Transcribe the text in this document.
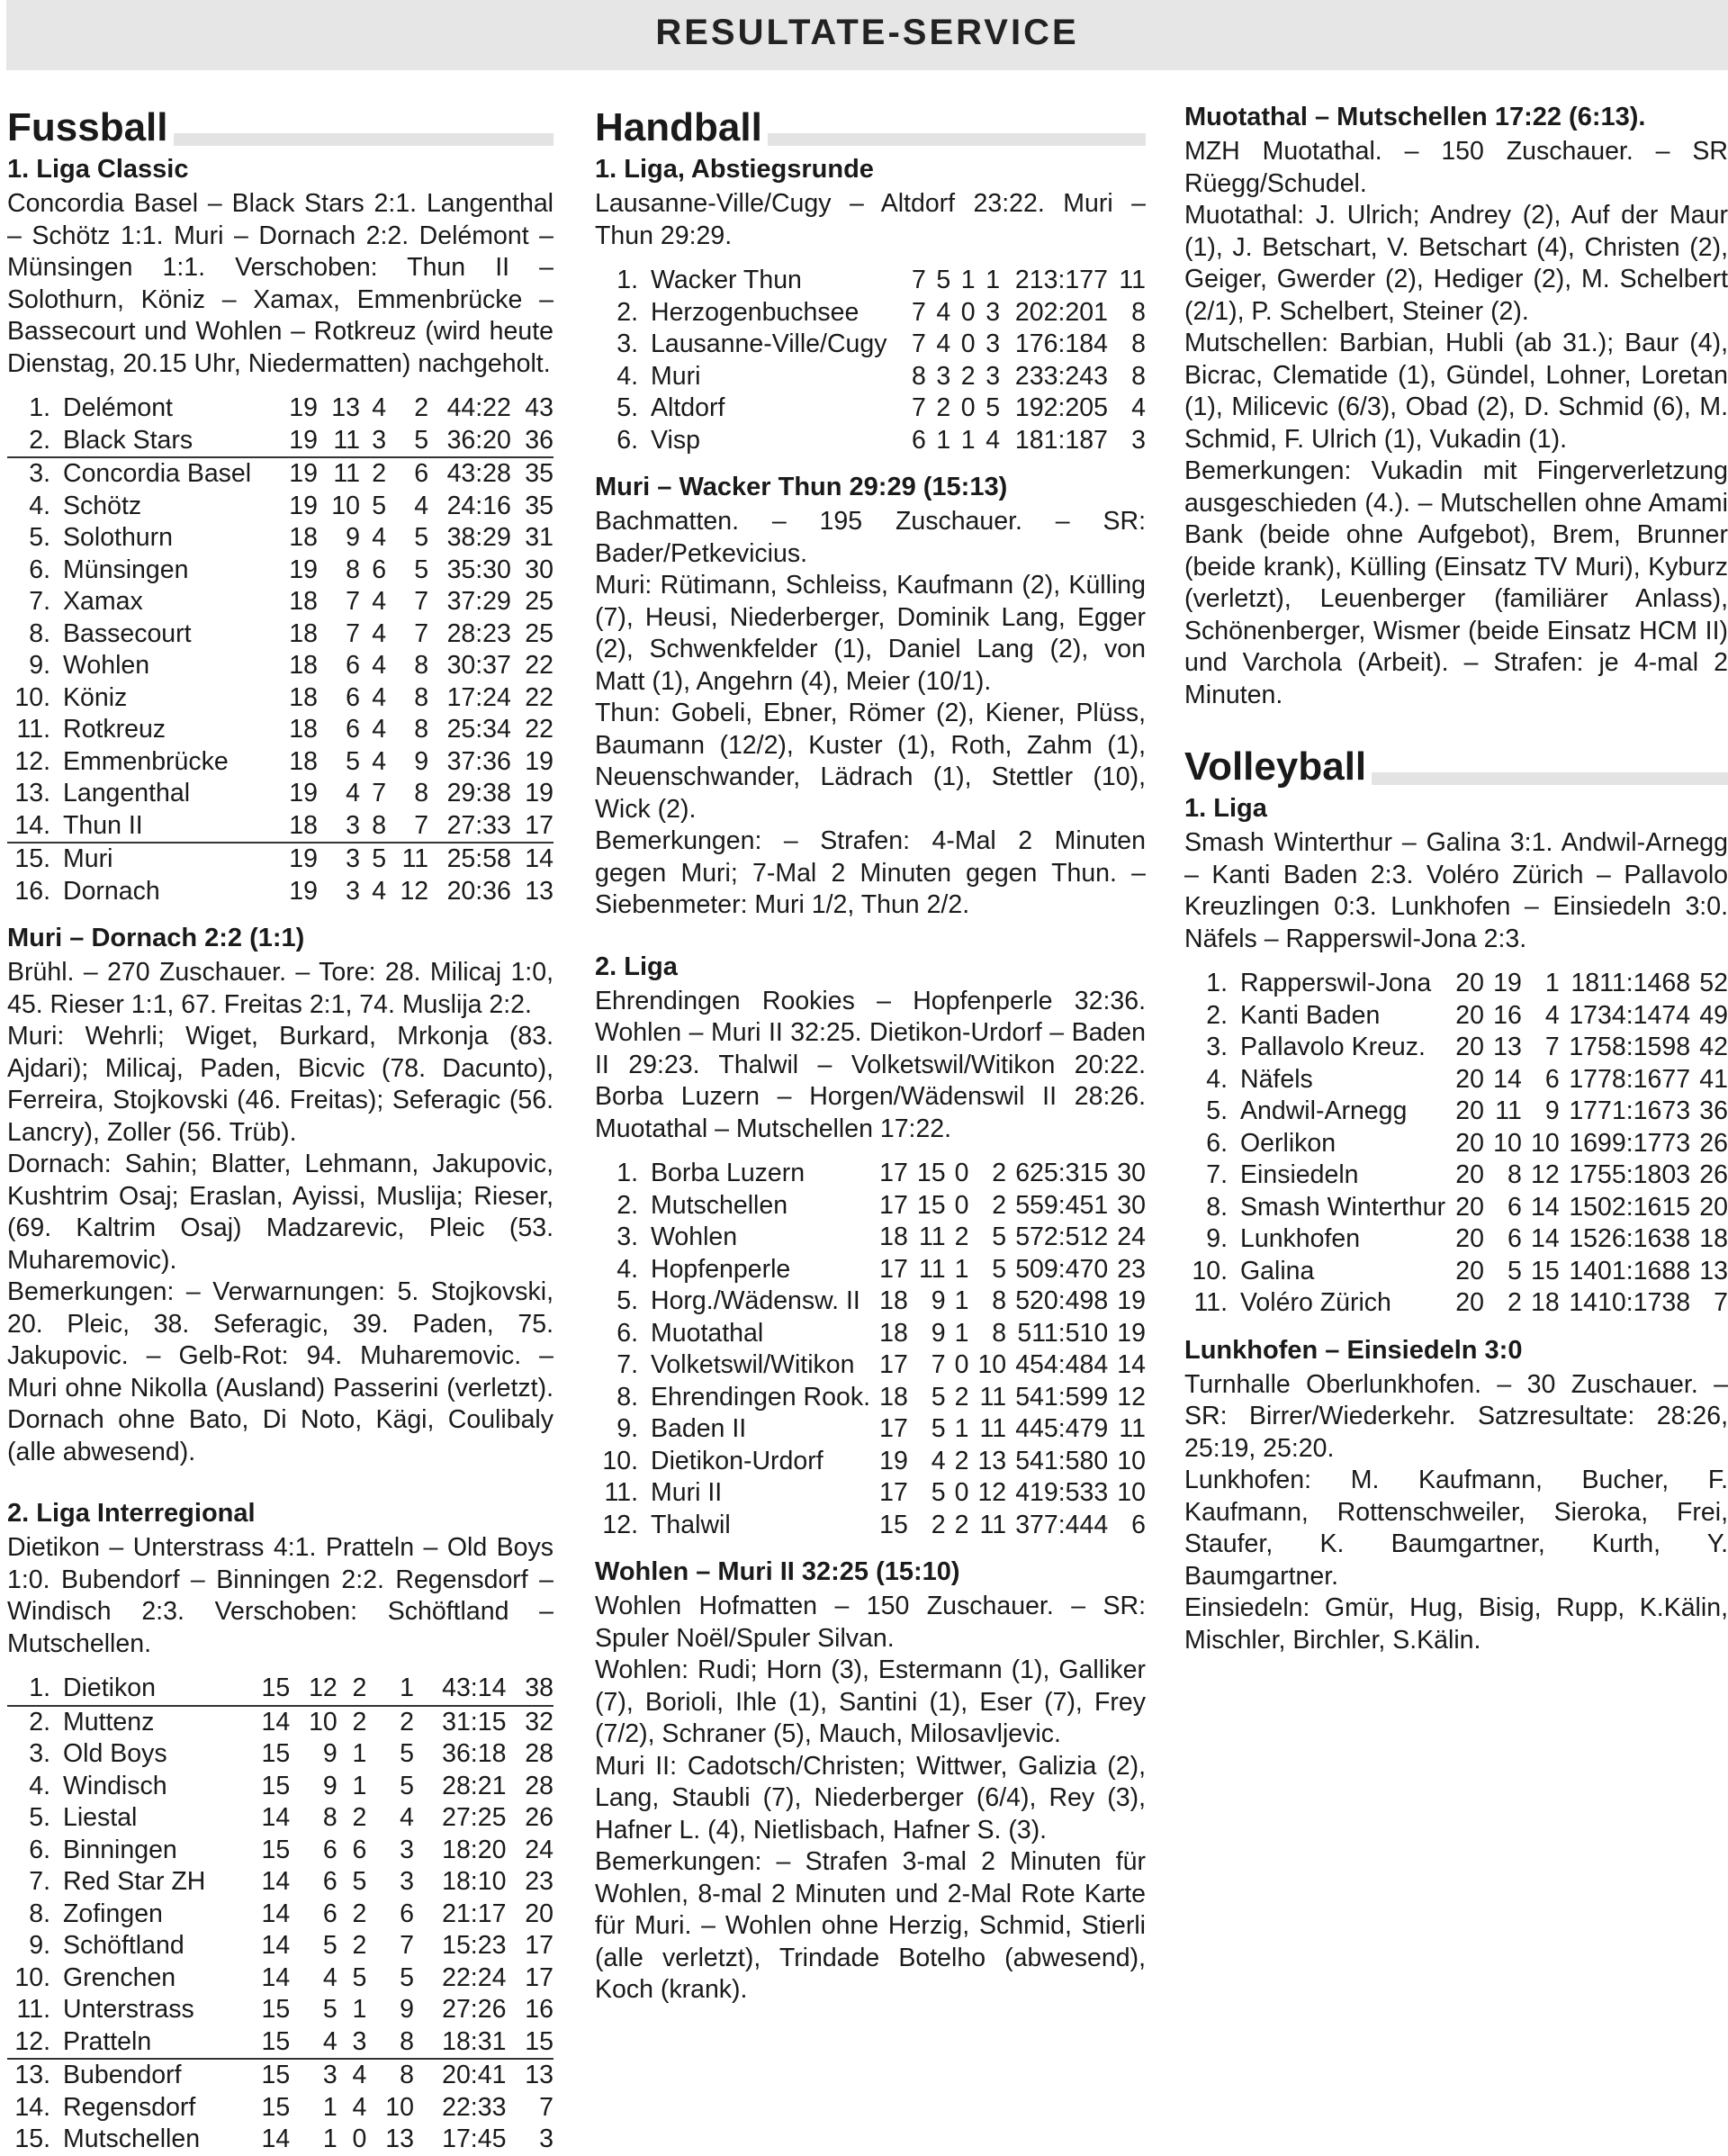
RESULTATE-SERVICE
Fussball
1. Liga Classic

Concordia Basel – Black Stars 2:1. Langenthal – Schötz 1:1. Muri – Dornach 2:2. Delémont – Münsingen 1:1. Verschoben: Thun II – Solothurn, Köniz – Xamax, Emmenbrücke – Bassecourt und Wohlen – Rotkreuz (wird heute Dienstag, 20.15 Uhr, Niedermatten) nachgeholt.

1.	Delémont	19	13	4	2	44:22	43
2.	Black Stars	19	11	3	5	36:20	36
3.	Concordia Basel	19	11	2	6	43:28	35
4.	Schötz	19	10	5	4	24:16	35
5.	Solothurn	18	9	4	5	38:29	31
6.	Münsingen	19	8	6	5	35:30	30
7.	Xamax	18	7	4	7	37:29	25
8.	Bassecourt	18	7	4	7	28:23	25
9.	Wohlen	18	6	4	8	30:37	22
10.	Köniz	18	6	4	8	17:24	22
11.	Rotkreuz	18	6	4	8	25:34	22
12.	Emmenbrücke	18	5	4	9	37:36	19
13.	Langenthal	19	4	7	8	29:38	19
14.	Thun II	18	3	8	7	27:33	17
15.	Muri	19	3	5	11	25:58	14
16.	Dornach	19	3	4	12	20:36	13
Muri – Dornach 2:2 (1:1)

Brühl. – 270 Zuschauer. – Tore: 28. Milicaj 1:0, 45. Rieser 1:1, 67. Freitas 2:1, 74. Muslija 2:2.

Muri: Wehrli; Wiget, Burkard, Mrkonja (83. Ajdari); Milicaj, Paden, Bicvic (78. Dacunto), Ferreira, Stojkovski (46. Freitas); Seferagic (56. Lancry), Zoller (56. Trüb).

Dornach: Sahin; Blatter, Lehmann, Jakupovic, Kushtrim Osaj; Eraslan, Ayissi, Muslija; Rieser, (69. Kaltrim Osaj) Madzarevic, Pleic (53. Muharemovic).

Bemerkungen: – Verwarnungen: 5. Stojkovski, 20. Pleic, 38. Seferagic, 39. Paden, 75. Jakupovic. – Gelb-Rot: 94. Muharemovic. – Muri ohne Nikolla (Ausland) Passerini (verletzt). Dornach ohne Bato, Di Noto, Kägi, Coulibaly (alle abwesend).

2. Liga Interregional

Dietikon – Unterstrass 4:1. Pratteln – Old Boys 1:0. Bubendorf – Binningen 2:2. Regensdorf – Windisch 2:3. Verschoben: Schöftland – Mutschellen.

1.	Dietikon	15	12	2	1	43:14	38
2.	Muttenz	14	10	2	2	31:15	32
3.	Old Boys	15	9	1	5	36:18	28
4.	Windisch	15	9	1	5	28:21	28
5.	Liestal	14	8	2	4	27:25	26
6.	Binningen	15	6	6	3	18:20	24
7.	Red Star ZH	14	6	5	3	18:10	23
8.	Zofingen	14	6	2	6	21:17	20
9.	Schöftland	14	5	2	7	15:23	17
10.	Grenchen	14	4	5	5	22:24	17
11.	Unterstrass	15	5	1	9	27:26	16
12.	Pratteln	15	4	3	8	18:31	15
13.	Bubendorf	15	3	4	8	20:41	13
14.	Regensdorf	15	1	4	10	22:33	7
15.	Mutschellen	14	1	0	13	17:45	3
Handball
1. Liga, Abstiegsrunde

Lausanne-Ville/Cugy – Altdorf 23:22. Muri – Thun 29:29.

1.	Wacker Thun	7	5	1	1	213:177	11
2.	Herzogenbuchsee	7	4	0	3	202:201	8
3.	Lausanne-Ville/Cugy	7	4	0	3	176:184	8
4.	Muri	8	3	2	3	233:243	8
5.	Altdorf	7	2	0	5	192:205	4
6.	Visp	6	1	1	4	181:187	3
Muri – Wacker Thun 29:29 (15:13)

Bachmatten. – 195 Zuschauer. – SR: Bader/Petkevicius.

Muri: Rütimann, Schleiss, Kaufmann (2), Külling (7), Heusi, Niederberger, Dominik Lang, Egger (2), Schwenkfelder (1), Daniel Lang (2), von Matt (1), Angehrn (4), Meier (10/1).

Thun: Gobeli, Ebner, Römer (2), Kiener, Plüss, Baumann (12/2), Kuster (1), Roth, Zahm (1), Neuenschwander, Lädrach (1), Stettler (10), Wick (2).

Bemerkungen: – Strafen: 4-Mal 2 Minuten gegen Muri; 7-Mal 2 Minuten gegen Thun. – Siebenmeter: Muri 1/2, Thun 2/2.

2. Liga

Ehrendingen Rookies – Hopfenperle 32:36. Wohlen – Muri II 32:25. Dietikon-Urdorf – Baden II 29:23. Thalwil – Volketswil/Witikon 20:22. Borba Luzern – Horgen/Wädenswil II 28:26. Muotathal – Mutschellen 17:22.

1.	Borba Luzern	17	15	0	2	625:315	30
2.	Mutschellen	17	15	0	2	559:451	30
3.	Wohlen	18	11	2	5	572:512	24
4.	Hopfenperle	17	11	1	5	509:470	23
5.	Horg./Wädensw. II	18	9	1	8	520:498	19
6.	Muotathal	18	9	1	8	511:510	19
7.	Volketswil/Witikon	17	7	0	10	454:484	14
8.	Ehrendingen Rook.	18	5	2	11	541:599	12
9.	Baden II	17	5	1	11	445:479	11
10.	Dietikon-Urdorf	19	4	2	13	541:580	10
11.	Muri II	17	5	0	12	419:533	10
12.	Thalwil	15	2	2	11	377:444	6
Wohlen – Muri II 32:25 (15:10)

Wohlen Hofmatten – 150 Zuschauer. – SR: Spuler Noël/Spuler Silvan.

Wohlen: Rudi; Horn (3), Estermann (1), Galliker (7), Borioli, Ihle (1), Santini (1), Eser (7), Frey (7/2), Schraner (5), Mauch, Milosavljevic.

Muri II: Cadotsch/Christen; Wittwer, Galizia (2), Lang, Staubli (7), Niederberger (6/4), Rey (3), Hafner L. (4), Nietlisbach, Hafner S. (3).

Bemerkungen: – Strafen 3-mal 2 Minuten für Wohlen, 8-mal 2 Minuten und 2-Mal Rote Karte für Muri. – Wohlen ohne Herzig, Schmid, Stierli (alle verletzt), Trindade Botelho (abwesend), Koch (krank).

Muotathal – Mutschellen 17:22 (6:13).

MZH Muotathal. – 150 Zuschauer. – SR Rüegg/Schudel.

Muotathal: J. Ulrich; Andrey (2), Auf der Maur (1), J. Betschart, V. Betschart (4), Christen (2), Geiger, Gwerder (2), Hediger (2), M. Schelbert (2/1), P. Schelbert, Steiner (2).

Mutschellen: Barbian, Hubli (ab 31.); Baur (4), Bicrac, Clematide (1), Gündel, Lohner, Loretan (1), Milicevic (6/3), Obad (2), D. Schmid (6), M. Schmid, F. Ulrich (1), Vukadin (1).

Bemerkungen: Vukadin mit Fingerverletzung ausgeschieden (4.). – Mutschellen ohne Amami Bank (beide ohne Aufgebot), Brem, Brunner (beide krank), Külling (Einsatz TV Muri), Kyburz (verletzt), Leuenberger (familiärer Anlass), Schönenberger, Wismer (beide Einsatz HCM II) und Varchola (Arbeit). – Strafen: je 4-mal 2 Minuten.

Volleyball
1. Liga

Smash Winterthur – Galina 3:1. Andwil-Arnegg – Kanti Baden 2:3. Voléro Zürich – Pallavolo Kreuzlingen 0:3. Lunkhofen – Einsiedeln 3:0. Näfels – Rapperswil-Jona 2:3.

1.	Rapperswil-Jona	20	19	1	1811:1468	52
2.	Kanti Baden	20	16	4	1734:1474	49
3.	Pallavolo Kreuz.	20	13	7	1758:1598	42
4.	Näfels	20	14	6	1778:1677	41
5.	Andwil-Arnegg	20	11	9	1771:1673	36
6.	Oerlikon	20	10	10	1699:1773	26
7.	Einsiedeln	20	8	12	1755:1803	26
8.	Smash Winterthur	20	6	14	1502:1615	20
9.	Lunkhofen	20	6	14	1526:1638	18
10.	Galina	20	5	15	1401:1688	13
11.	Voléro Zürich	20	2	18	1410:1738	7
Lunkhofen – Einsiedeln 3:0

Turnhalle Oberlunkhofen. – 30 Zuschauer. – SR: Birrer/Wiederkehr. Satzresultate: 28:26, 25:19, 25:20.

Lunkhofen: M. Kaufmann, Bucher, F. Kaufmann, Rottenschweiler, Sieroka, Frei, Staufer, K. Baumgartner, Kurth, Y. Baumgartner.

Einsiedeln: Gmür, Hug, Bisig, Rupp, K.Kälin, Mischler, Birchler, S.Kälin.
